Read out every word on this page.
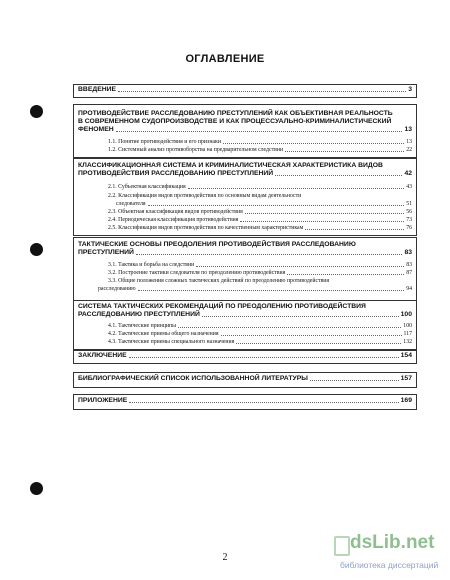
ОГЛАВЛЕНИЕ
ВВЕДЕНИЕ	3
ПРОТИВОДЕЙСТВИЕ РАССЛЕДОВАНИЮ ПРЕСТУПЛЕНИЙ КАК ОБЪЕКТИВНАЯ РЕАЛЬНОСТЬ
В СОВРЕМЕННОМ СУДОПРОИЗВОДСТВЕ И КАК ПРОЦЕССУАЛЬНО-КРИМИНАЛИСТИЧЕСКИЙ
ФЕНОМЕН	13
1.1. Понятие противодействия и его признаки	13
1.2. Системный анализ противоборства на предварительном следствии	22
КЛАССИФИКАЦИОННАЯ СИСТЕМА И КРИМИНАЛИСТИЧЕСКАЯ ХАРАКТЕРИСТИКА ВИДОВ
ПРОТИВОДЕЙСТВИЯ РАССЛЕДОВАНИЮ ПРЕСТУПЛЕНИЙ	42
2.1. Субъектная классификация	43
2.2. Классификация видов противодействия по основным видам деятельности
следователя	51
2.3. Объектная классификация видов противодействия	56
2.4. Периодическая классификация противодействия	73
2.5. Классификация видов противодействия по качественным характеристикам	76
ТАКТИЧЕСКИЕ ОСНОВЫ ПРЕОДОЛЕНИЯ ПРОТИВОДЕЙСТВИЯ РАССЛЕДОВАНИЮ
ПРЕСТУПЛЕНИЙ	83
3.1. Тактика и борьба на следствии	83
3.2. Построение тактики следователя по преодолению противодействия	87
3.3. Общие положения сложных тактических действий по преодолению противодействия
расследованию	94
СИСТЕМА ТАКТИЧЕСКИХ РЕКОМЕНДАЦИЙ ПО ПРЕОДОЛЕНИЮ ПРОТИВОДЕЙСТВИЯ
РАССЛЕДОВАНИЮ ПРЕСТУПЛЕНИЙ	100
4.1. Тактические принципы	100
4.2. Тактические приемы общего назначения	117
4.3. Тактические приемы специального назначения	132
ЗАКЛЮЧЕНИЕ	154
БИБЛИОГРАФИЧЕСКИЙ СПИСОК ИСПОЛЬЗОВАННОЙ ЛИТЕРАТУРЫ	157
ПРИЛОЖЕНИЕ	169
2
dsLib.net
библиотека диссертаций
